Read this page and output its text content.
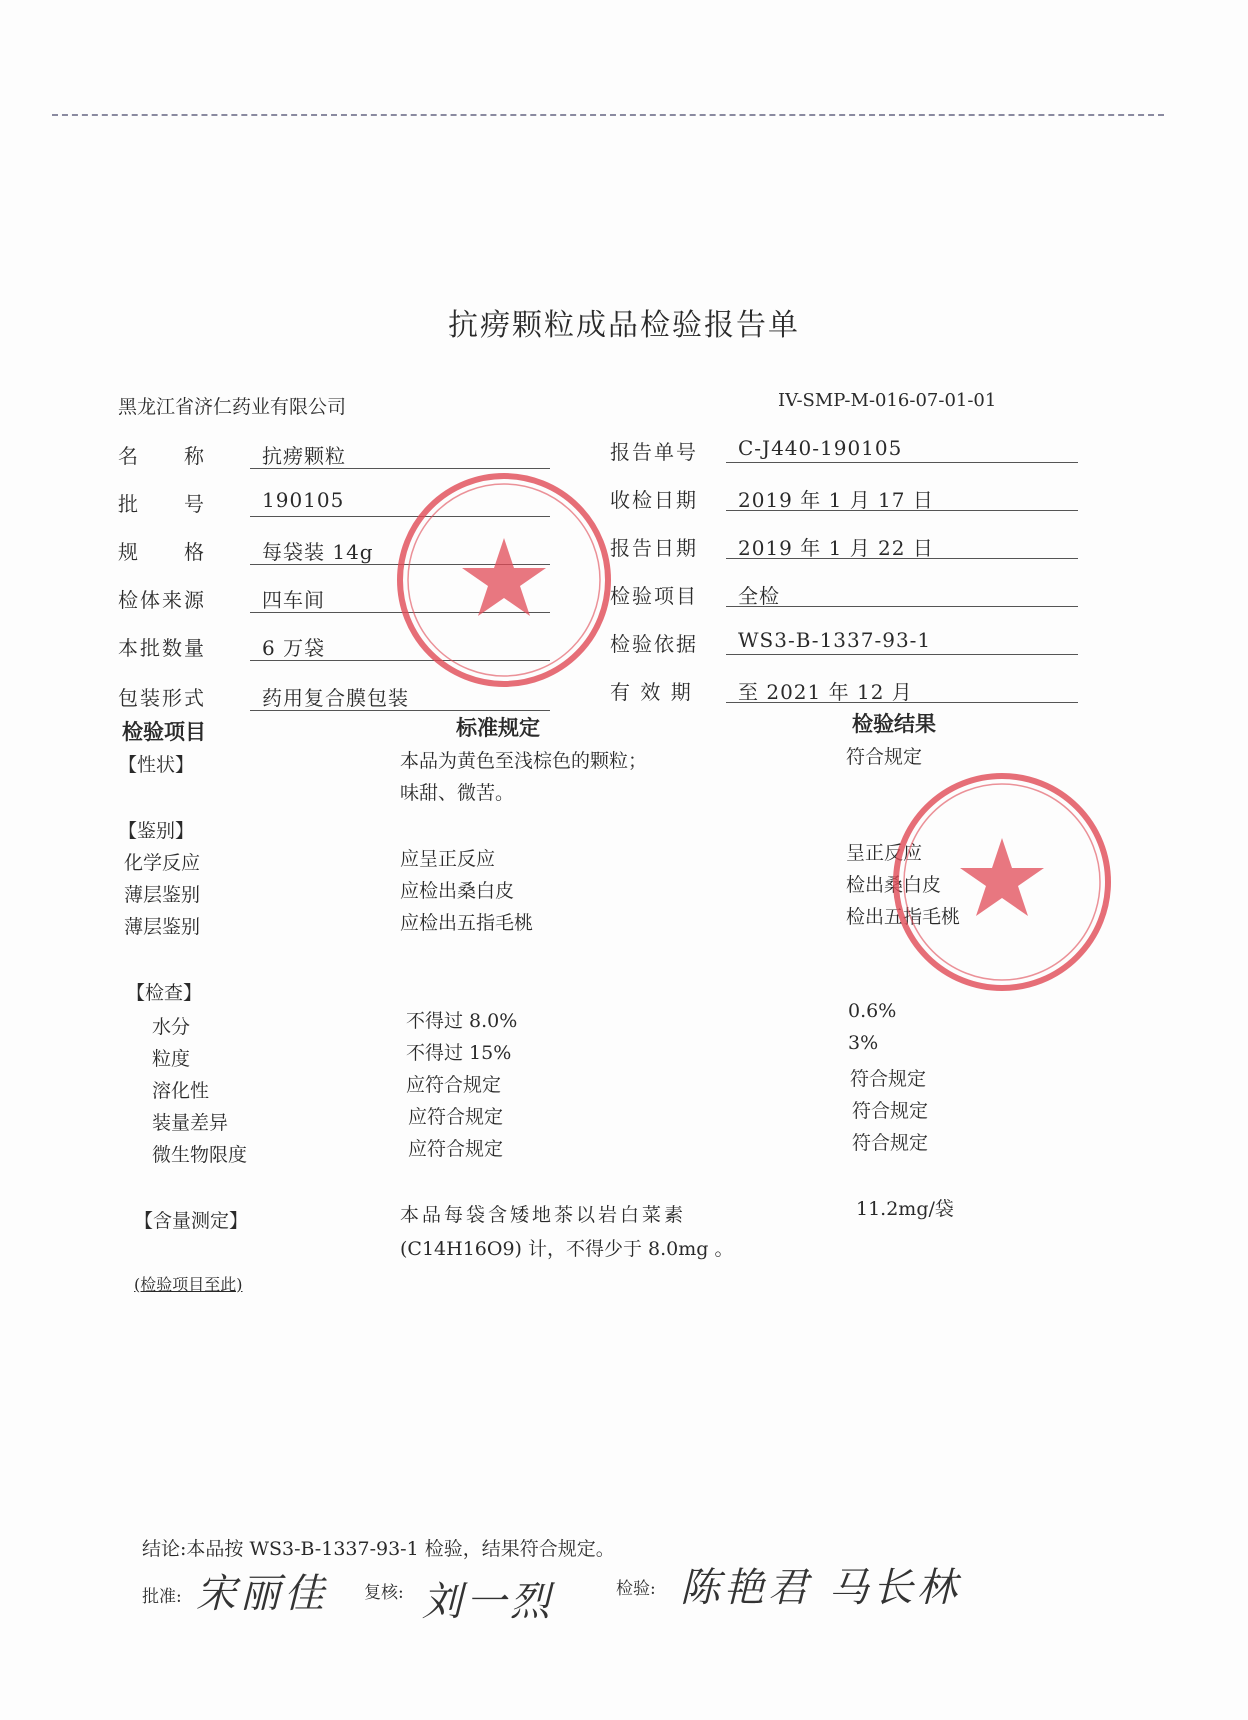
抗痨颗粒成品检验报告单
黑龙江省济仁药业有限公司	IV-SMP-M-016-07-01-01
名　　称	抗痨颗粒
批　　号	190105
规　　格	每袋装 14g
检体来源	四车间
本批数量	6 万袋
包装形式	药用复合膜包装
报告单号 C-J440-190105
收检日期 2019 年 1 月 17 日
报告日期 2019 年 1 月 22 日
检验项目 全检
检验依据 WS3-B-1337-93-1
有 效 期 至 2021 年 12 月
检验项目	标准规定	检验结果
【性状】	本品为黄色至浅棕色的颗粒；
味甜、微苦。
符合规定
【鉴别】
化学反应	应呈正反应	呈正反应
薄层鉴别	应检出桑白皮	检出桑白皮
薄层鉴别	应检出五指毛桃	检出五指毛桃
【检查】
水分	不得过 8.0%	0.6%
粒度	不得过 15%	3%
溶化性	应符合规定	符合规定
装量差异	应符合规定	符合规定
微生物限度	应符合规定	符合规定
【含量测定】	本品每袋含矮地茶以岩白菜素
(C14H16O9) 计，不得少于 8.0mg 。
11.2mg/袋
(检验项目至此)
结论:本品按 WS3-B-1337-93-1 检验，结果符合规定。
批准: 宋丽佳 复核: 刘一烈	检验: 陈艳君 马长林
